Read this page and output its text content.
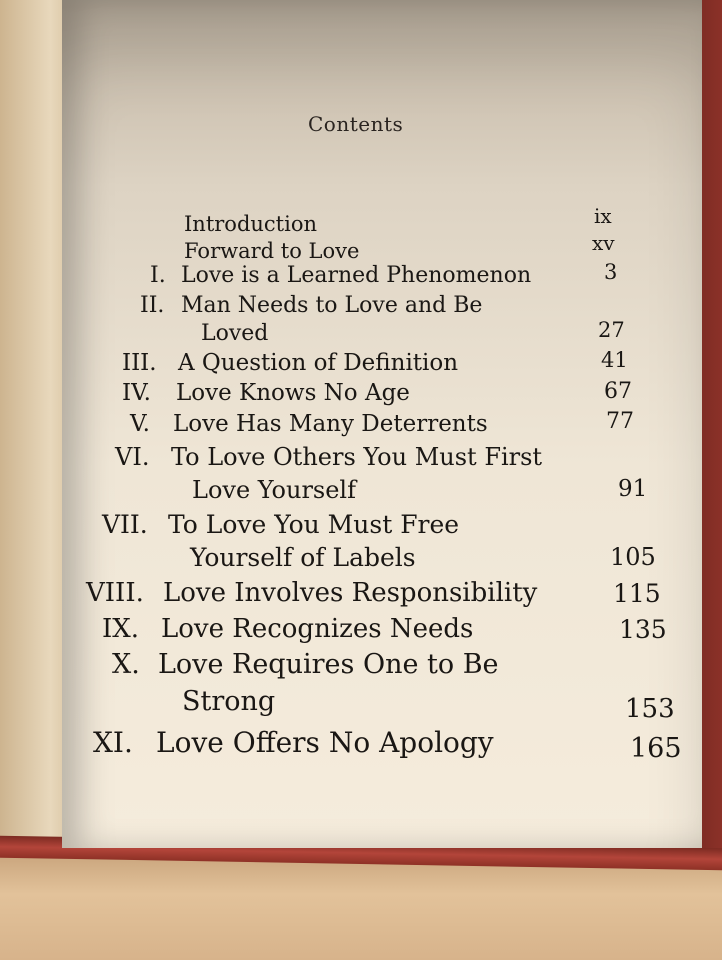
Contents
Introduction	ix
Forward to Love	xv
I. Love is a Learned Phenomenon	3
II. Man Needs to Love and Be
Loved	27
III. A Question of Definition	41
IV. Love Knows No Age	67
V. Love Has Many Deterrents	77
VI. To Love Others You Must First
Love Yourself	91
VII. To Love You Must Free
Yourself of Labels	105
VIII. Love Involves Responsibility	115
IX. Love Recognizes Needs	135
X. Love Requires One to Be
Strong	153
XI. Love Offers No Apology	165
